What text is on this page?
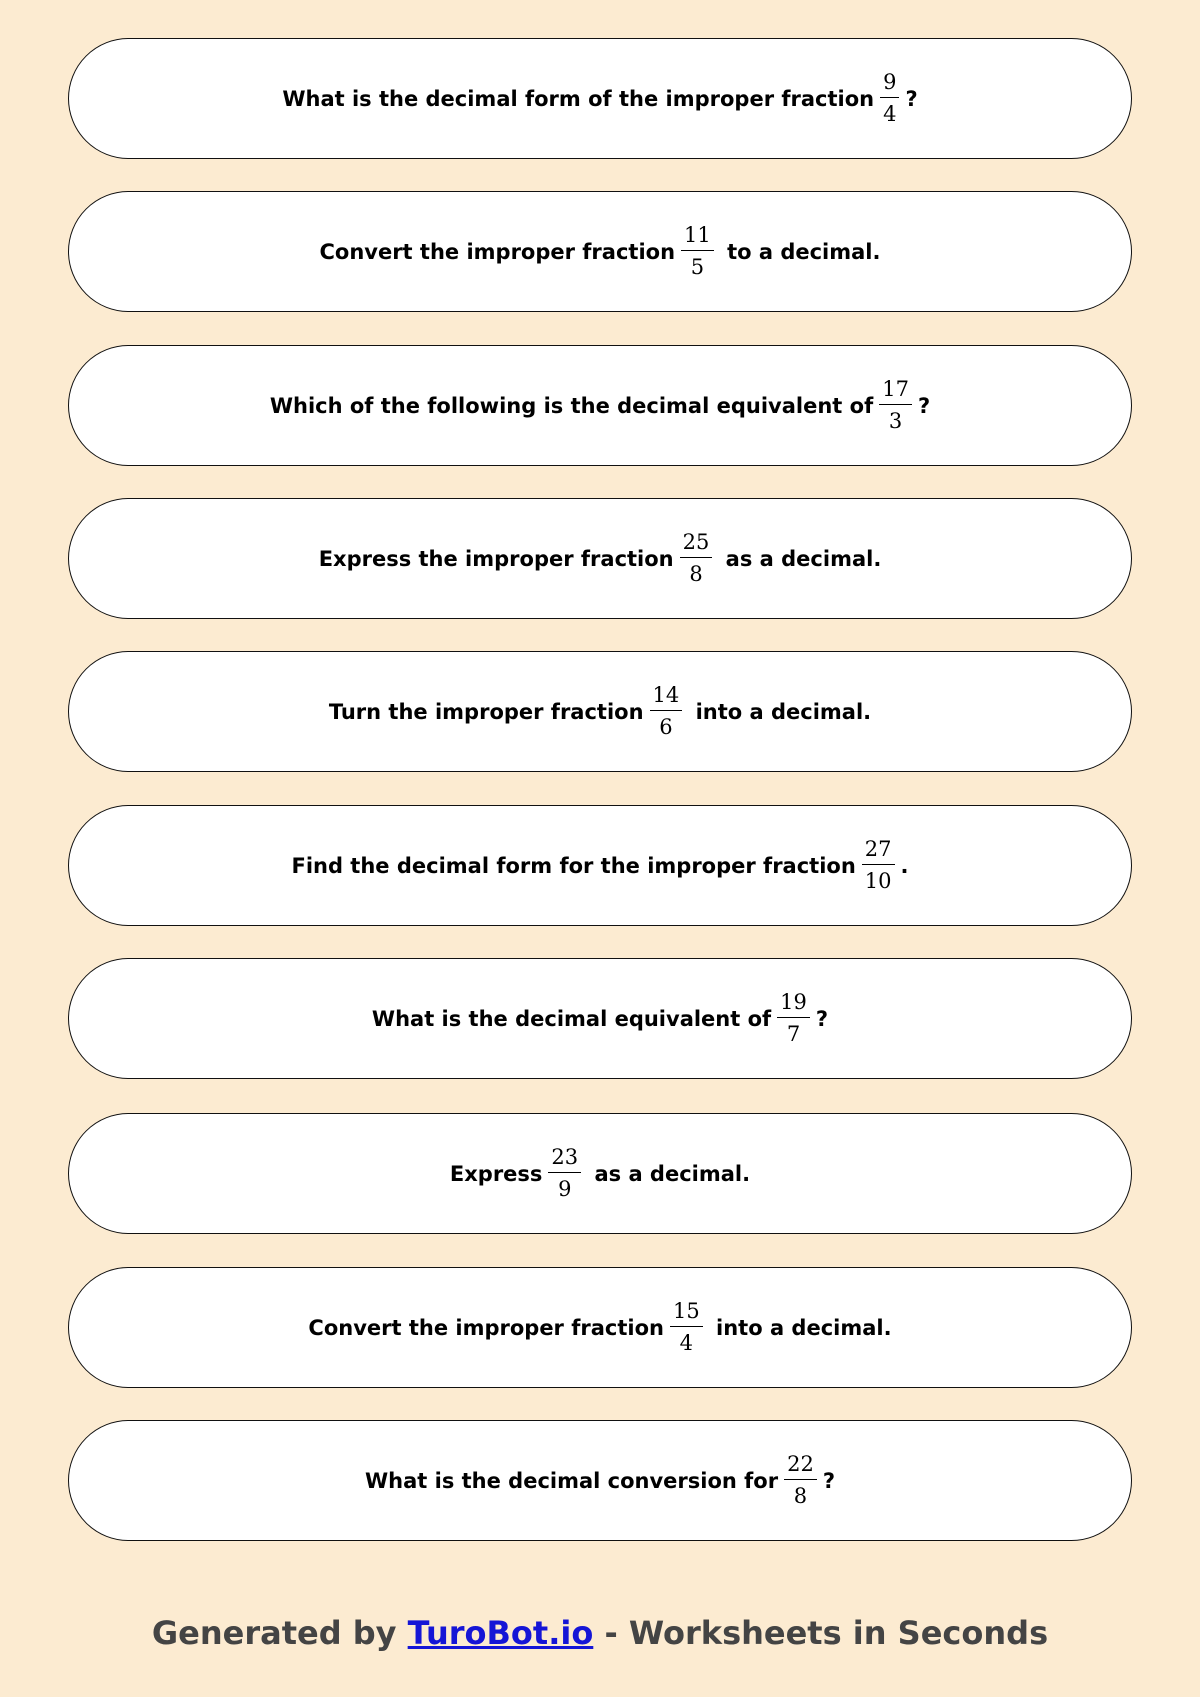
What is the decimal form of the improper fraction $\frac{9}{4}$ ?
Convert the improper fraction $\frac{11}{5}$ to a decimal.
Which of the following is the decimal equivalent of $\frac{17}{3}$ ?
Express the improper fraction $\frac{25}{8}$ as a decimal.
Turn the improper fraction $\frac{14}{6}$ into a decimal.
Find the decimal form for the improper fraction $\frac{27}{10}$ .
What is the decimal equivalent of $\frac{19}{7}$ ?
Express $\frac{23}{9}$ as a decimal.
Convert the improper fraction $\frac{15}{4}$ into a decimal.
What is the decimal conversion for $\frac{22}{8}$ ?
Generated by TuroBot.io - Worksheets in Seconds
